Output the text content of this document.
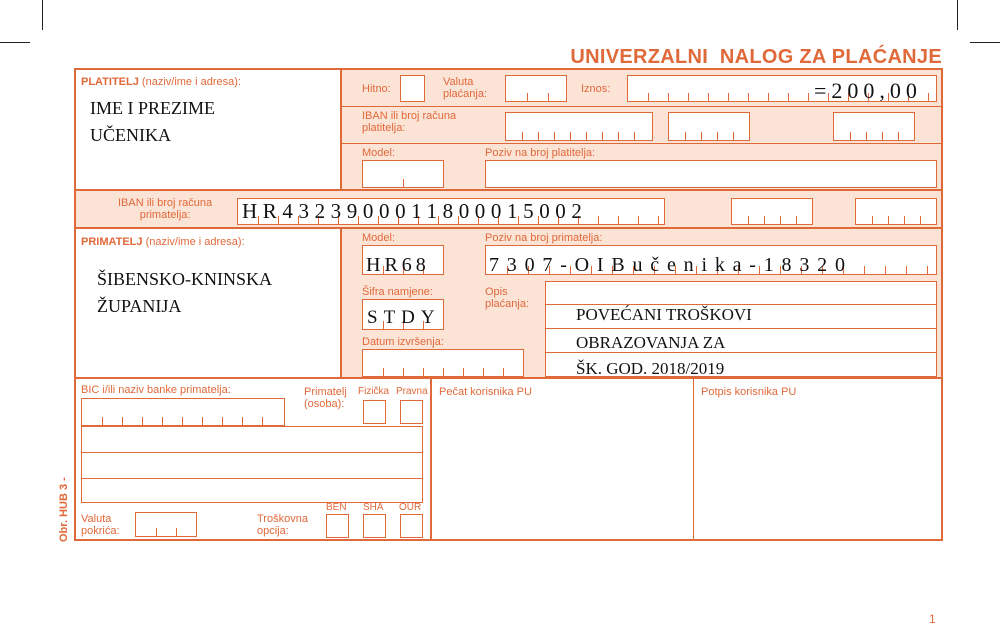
UNIVERZALNI  NALOG ZA PLAĆANJE
Obr. HUB 3 -
1
PLATITELJ (naziv/ime i adresa):
IME I PREZIME
UČENIKA
Hitno:
Valuta
plaćanja:	Iznos:	=200,00
IBAN ili broj računa
platitelja:
Model:	Poziv na broj platitelja:
IBAN ili broj računa
primatelja:	HR4323900011800015002
PRIMATELJ (naziv/ime i adresa):
ŠIBENSKO-KNINSKA
ŽUPANIJA
Model:
HR68
Poziv na broj primatelja:
7307-OIBučenika-18320
Šifra namjene:
STDY
Opis
plaćanja:
POVEĆANI TROŠKOVI
OBRAZOVANJA ZA
ŠK. GOD. 2018/2019
Datum izvršenja:
BIC i/ili naziv banke primatelja:	Primatelj
(osoba):
Fizička Pravna
Valuta
pokrića:
Troškovna
opcija:
BEN SHA OUR
Pečat korisnika PU	Potpis korisnika PU
